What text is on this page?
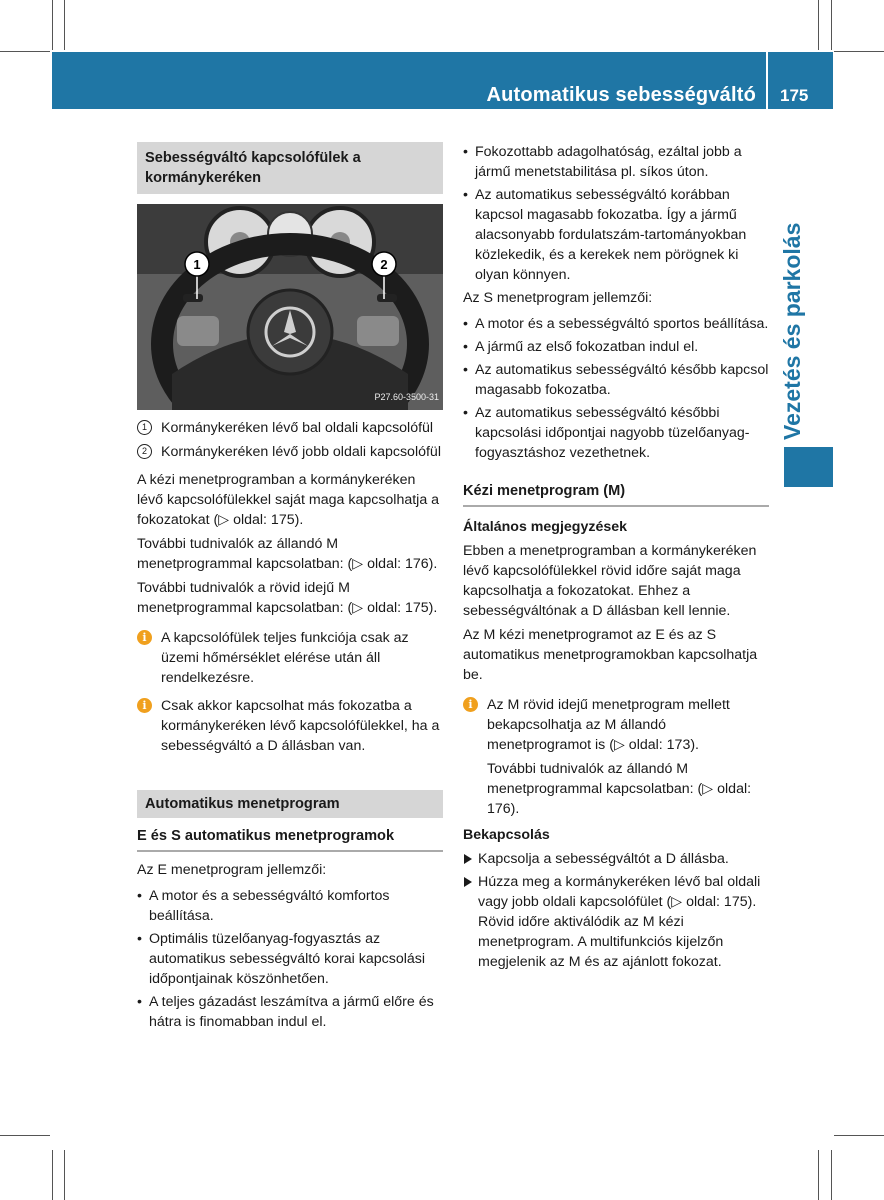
Automatikus sebességváltó 175
Vezetés és parkolás
Sebességváltó kapcsolófülek a kormánykeréken
1	2
P27.60-3500-31
1 Kormánykeréken lévő bal oldali kapcsolófül
2 Kormánykeréken lévő jobb oldali kapcsolófül

A kézi menetprogramban a kormánykeréken lévő kapcsolófülekkel saját maga kapcsolhatja a fokozatokat (▷ oldal: 175).

További tudnivalók az állandó M menetprogrammal kapcsolatban: (▷ oldal: 176).

További tudnivalók a rövid idejű M menetprogrammal kapcsolatban: (▷ oldal: 175).

i	A kapcsolófülek teljes funkciója csak az üzemi hőmérséklet elérése után áll rendelkezésre.
i	Csak akkor kapcsolhat más fokozatba a kormánykeréken lévő kapcsolófülekkel, ha a sebességváltó a D állásban van.
Automatikus menetprogram
E és S automatikus menetprogramok

Az E menetprogram jellemzői:

• A motor és a sebességváltó komfortos beállítása.
• Optimális tüzelőanyag-fogyasztás az automatikus sebességváltó korai kapcsolási időpontjainak köszönhetően.
• A teljes gázadást leszámítva a jármű előre és hátra is finomabban indul el.
• Fokozottabb adagolhatóság, ezáltal jobb a jármű menetstabilitása pl. síkos úton.
• Az automatikus sebességváltó korábban kapcsol magasabb fokozatba. Így a jármű alacsonyabb fordulatszám-tartományokban közlekedik, és a kerekek nem pörögnek ki olyan könnyen.

Az S menetprogram jellemzői:

• A motor és a sebességváltó sportos beállítása.
• A jármű az első fokozatban indul el.
• Az automatikus sebességváltó később kapcsol magasabb fokozatba.
• Az automatikus sebességváltó későbbi kapcsolási időpontjai nagyobb tüzelőanyag-fogyasztáshoz vezethetnek.
Kézi menetprogram (M)
Általános megjegyzések

Ebben a menetprogramban a kormánykeréken lévő kapcsolófülekkel rövid időre saját maga kapcsolhatja a fokozatokat. Ehhez a sebességváltónak a D állásban kell lennie.

Az M kézi menetprogramot az E és az S automatikus menetprogramokban kapcsolhatja be.

i	Az M rövid idejű menetprogram mellett bekapcsolhatja az M állandó menetprogramot is (▷ oldal: 173).
További tudnivalók az állandó M menetprogrammal kapcsolatban: (▷ oldal: 176).
Bekapcsolás
Kapcsolja a sebességváltót a D állásba.
Húzza meg a kormánykeréken lévő bal oldali vagy jobb oldali kapcsolófület (▷ oldal: 175).
Rövid időre aktiválódik az M kézi menetprogram. A multifunkciós kijelzőn megjelenik az M és az ajánlott fokozat.
